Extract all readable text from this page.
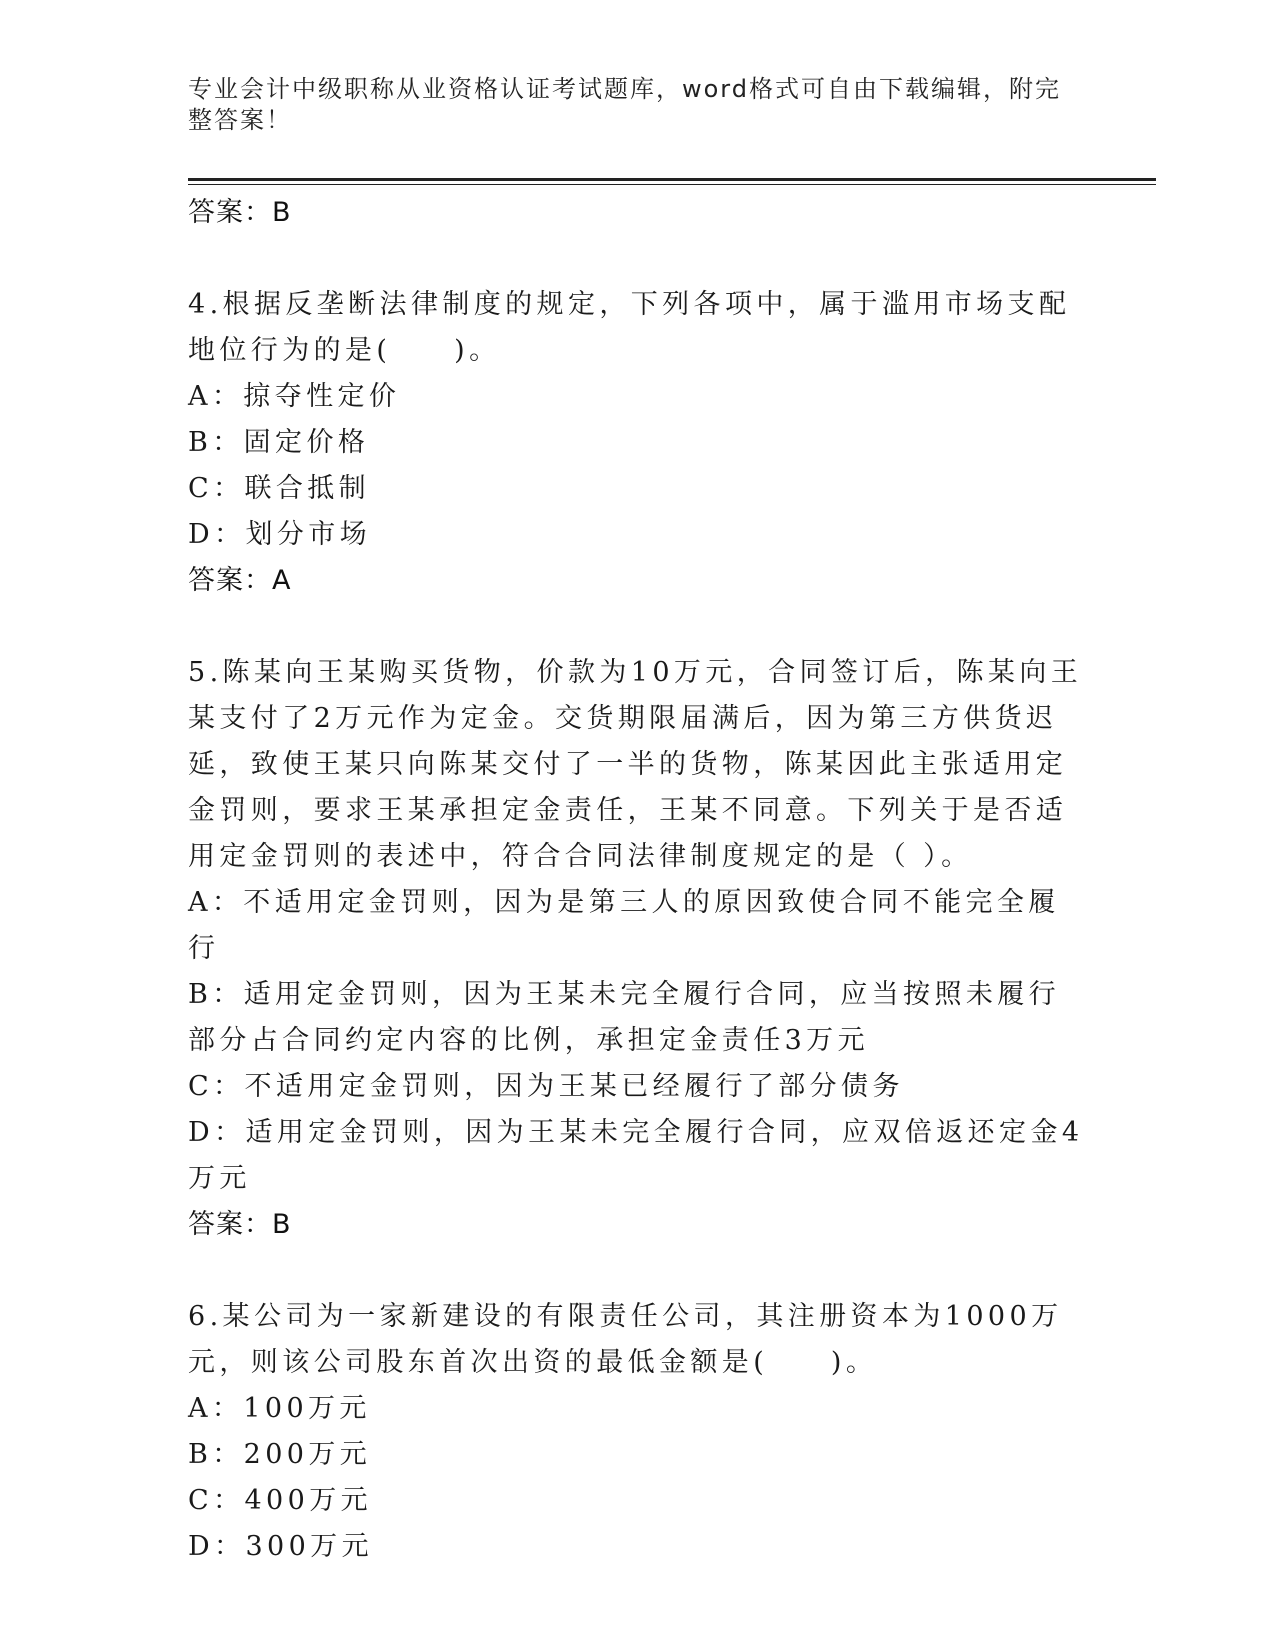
专业会计中级职称从业资格认证考试题库，word格式可自由下载编辑，附完整答案！
答案：B
4.根据反垄断法律制度的规定，下列各项中，属于滥用市场支配地位行为的是(　　)。
A：掠夺性定价
B：固定价格
C：联合抵制
D：划分市场
答案：A
5.陈某向王某购买货物，价款为10万元，合同签订后，陈某向王某支付了2万元作为定金。交货期限届满后，因为第三方供货迟延，致使王某只向陈某交付了一半的货物，陈某因此主张适用定金罚则，要求王某承担定金责任，王某不同意。下列关于是否适用定金罚则的表述中，符合合同法律制度规定的是（ ）。
A：不适用定金罚则，因为是第三人的原因致使合同不能完全履行
B：适用定金罚则，因为王某未完全履行合同，应当按照未履行部分占合同约定内容的比例，承担定金责任3万元
C：不适用定金罚则，因为王某已经履行了部分债务
D：适用定金罚则，因为王某未完全履行合同，应双倍返还定金4万元
答案：B
6.某公司为一家新建设的有限责任公司，其注册资本为1000万元，则该公司股东首次出资的最低金额是(　　)。
A：100万元
B：200万元
C：400万元
D：300万元
